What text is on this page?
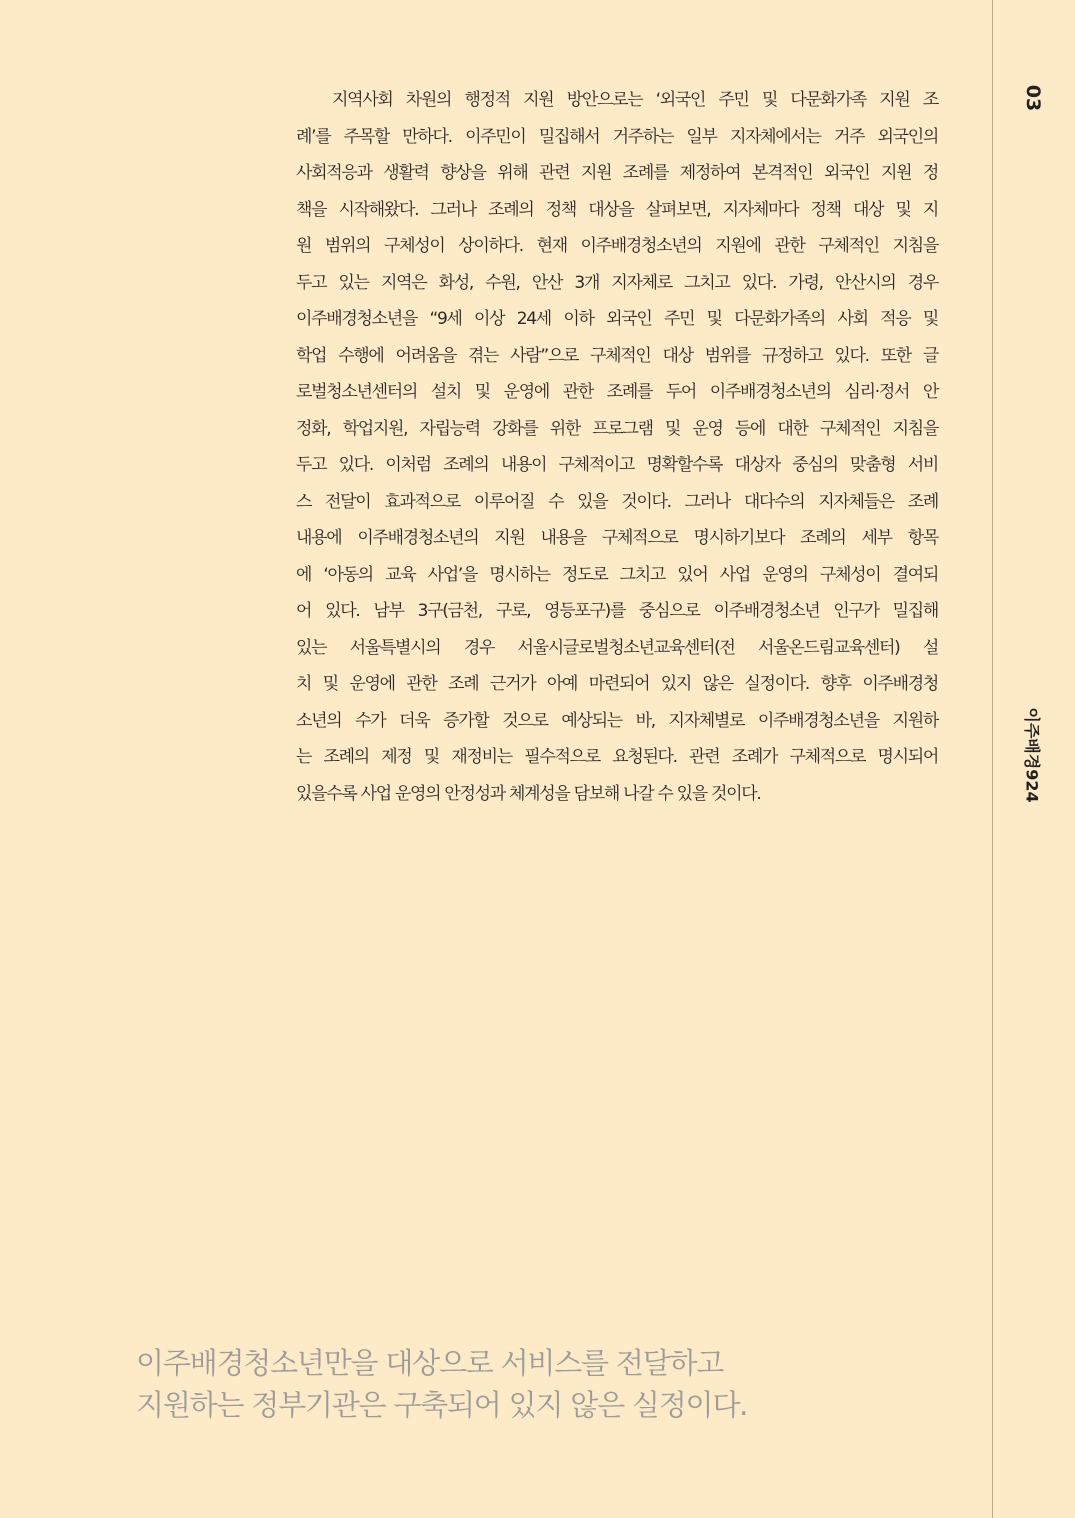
03
이주배경924

지역사회 차원의 행정적 지원 방안으로는 ‘외국인 주민 및 다문화가족 지원 조
례’를 주목할 만하다. 이주민이 밀집해서 거주하는 일부 지자체에서는 거주 외국인의
사회적응과 생활력 향상을 위해 관련 지원 조례를 제정하여 본격적인 외국인 지원 정
책을 시작해왔다. 그러나 조례의 정책 대상을 살펴보면, 지자체마다 정책 대상 및 지
원 범위의 구체성이 상이하다. 현재 이주배경청소년의 지원에 관한 구체적인 지침을
두고 있는 지역은 화성, 수원, 안산 3개 지자체로 그치고 있다. 가령, 안산시의 경우
이주배경청소년을 “9세 이상 24세 이하 외국인 주민 및 다문화가족의 사회 적응 및
학업 수행에 어려움을 겪는 사람”으로 구체적인 대상 범위를 규정하고 있다. 또한 글
로벌청소년센터의 설치 및 운영에 관한 조례를 두어 이주배경청소년의 심리·정서 안
정화, 학업지원, 자립능력 강화를 위한 프로그램 및 운영 등에 대한 구체적인 지침을
두고 있다. 이처럼 조례의 내용이 구체적이고 명확할수록 대상자 중심의 맞춤형 서비
스 전달이 효과적으로 이루어질 수 있을 것이다. 그러나 대다수의 지자체들은 조례
내용에 이주배경청소년의 지원 내용을 구체적으로 명시하기보다 조례의 세부 항목
에 ‘아동의 교육 사업’을 명시하는 정도로 그치고 있어 사업 운영의 구체성이 결여되
어 있다. 남부 3구(금천, 구로, 영등포구)를 중심으로 이주배경청소년 인구가 밀집해
있는 서울특별시의 경우 서울시글로벌청소년교육센터(전 서울온드림교육센터) 설
치 및 운영에 관한 조례 근거가 아예 마련되어 있지 않은 실정이다. 향후 이주배경청
소년의 수가 더욱 증가할 것으로 예상되는 바, 지자체별로 이주배경청소년을 지원하
는 조례의 제정 및 재정비는 필수적으로 요청된다. 관련 조례가 구체적으로 명시되어
있을수록 사업 운영의 안정성과 체계성을 담보해 나갈 수 있을 것이다.

이주배경청소년만을 대상으로 서비스를 전달하고
지원하는 정부기관은 구축되어 있지 않은 실정이다.
